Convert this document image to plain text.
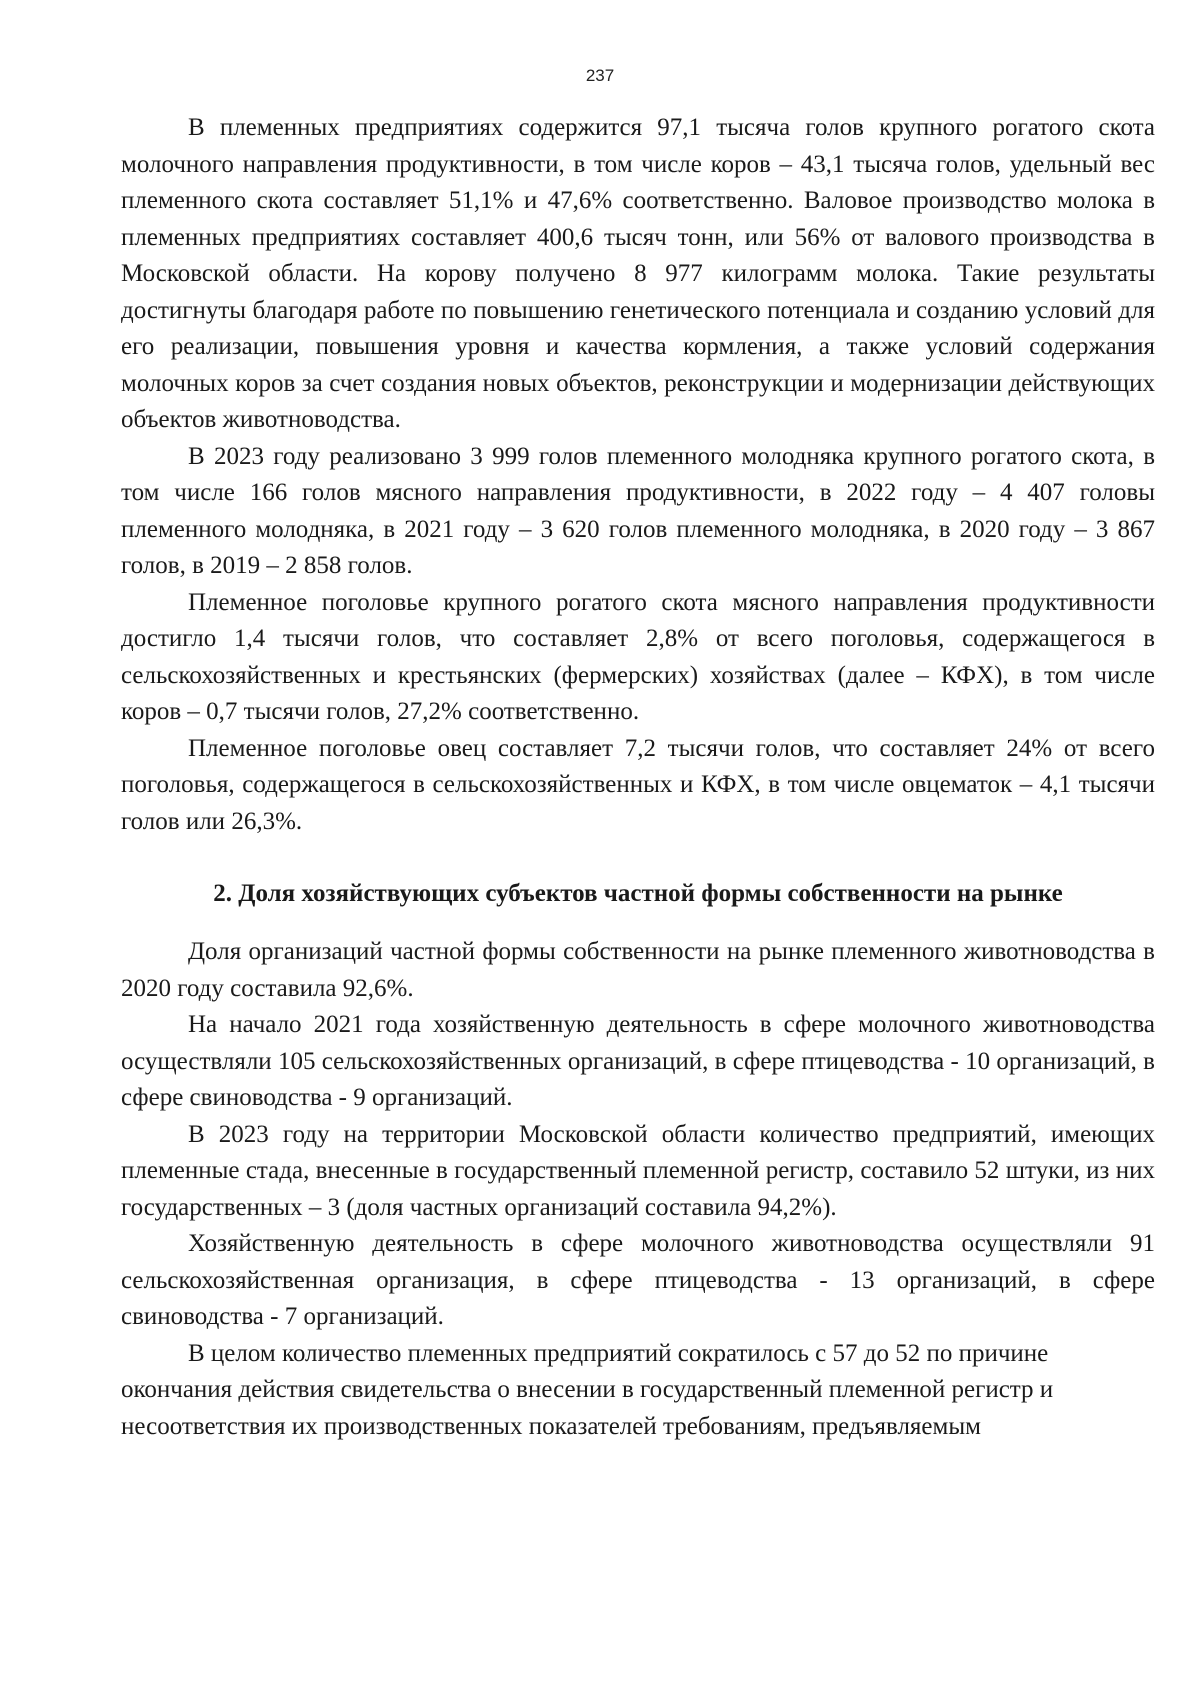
237

В племенных предприятиях содержится 97,1 тысяча голов крупного рогатого скота молочного направления продуктивности, в том числе коров – 43,1 тысяча голов, удельный вес племенного скота составляет 51,1% и 47,6% соответственно. Валовое производство молока в племенных предприятиях составляет 400,6 тысяч тонн, или 56% от валового производства в Московской области. На корову получено 8 977 килограмм молока. Такие результаты достигнуты благодаря работе по повышению генетического потенциала и созданию условий для его реализации, повышения уровня и качества кормления, а также условий содержания молочных коров за счет создания новых объектов, реконструкции и модернизации действующих объектов животноводства.

В 2023 году реализовано 3 999 голов племенного молодняка крупного рогатого скота, в том числе 166 голов мясного направления продуктивности, в 2022 году – 4 407 головы племенного молодняка, в 2021 году – 3 620 голов племенного молодняка, в 2020 году – 3 867 голов, в 2019 – 2 858 голов.

Племенное поголовье крупного рогатого скота мясного направления продуктивности достигло 1,4 тысячи голов, что составляет 2,8% от всего поголовья, содержащегося в сельскохозяйственных и крестьянских (фермерских) хозяйствах (далее – КФХ), в том числе коров – 0,7 тысячи голов, 27,2% соответственно.

Племенное поголовье овец составляет 7,2 тысячи голов, что составляет 24% от всего поголовья, содержащегося в сельскохозяйственных и КФХ, в том числе овцематок – 4,1 тысячи голов или 26,3%.

2. Доля хозяйствующих субъектов частной формы собственности на рынке

Доля организаций частной формы собственности на рынке племенного животноводства в 2020 году составила 92,6%.

На начало 2021 года хозяйственную деятельность в сфере молочного животноводства осуществляли 105 сельскохозяйственных организаций, в сфере птицеводства - 10 организаций, в сфере свиноводства - 9 организаций.

В 2023 году на территории Московской области количество предприятий, имеющих племенные стада, внесенные в государственный племенной регистр, составило 52 штуки, из них государственных – 3 (доля частных организаций составила 94,2%).

Хозяйственную деятельность в сфере молочного животноводства осуществляли 91 сельскохозяйственная организация, в сфере птицеводства - 13 организаций, в сфере свиноводства - 7 организаций.

В целом количество племенных предприятий сократилось с 57 до 52 по причине окончания действия свидетельства о внесении в государственный племенной регистр и несоответствия их производственных показателей требованиям, предъявляемым
